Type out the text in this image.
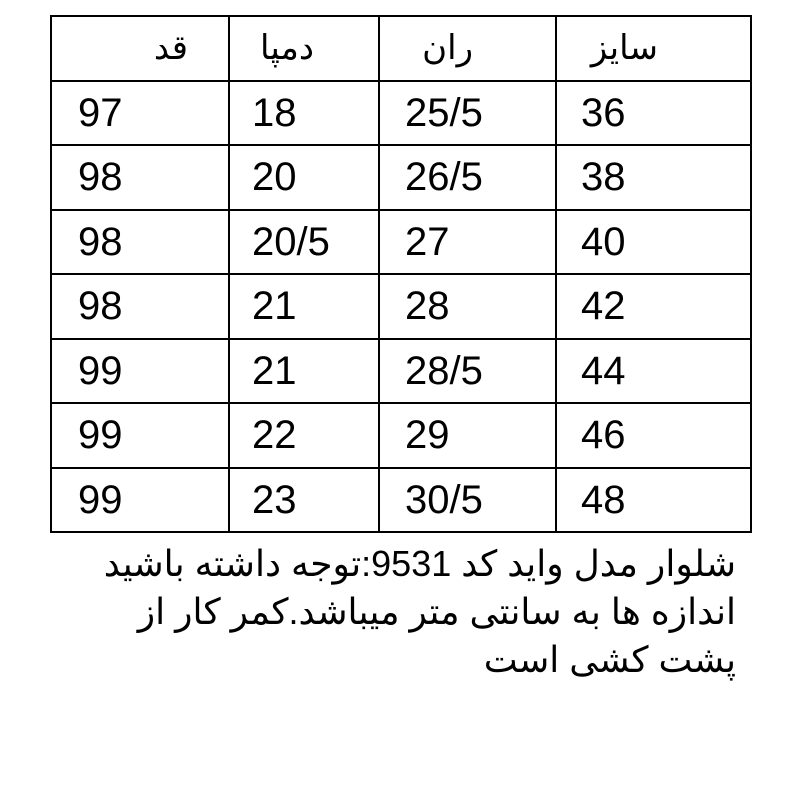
قد	دمپا	ران	سایز
97	18	25/5	36
98	20	26/5	38
98	20/5	27	40
98	21	28	42
99	21	28/5	44
99	22	29	46
99	23	30/5	48

شلوار مدل واید کد 9531:توجه داشته باشید

اندازه ها به سانتی متر میباشد.کمر کار از

پشت کشی است
